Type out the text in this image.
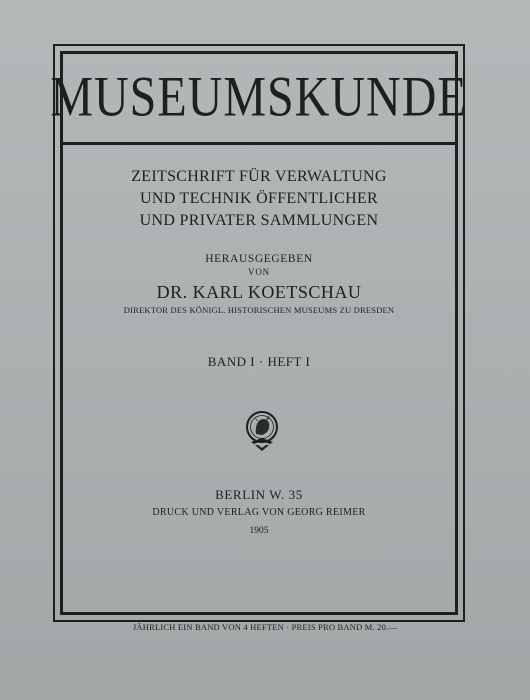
MUSEUMSKUNDE
ZEITSCHRIFT FÜR VERWALTUNG
UND TECHNIK ÖFFENTLICHER
UND PRIVATER SAMMLUNGEN
HERAUSGEGEBEN
VON
DR. KARL KOETSCHAU
DIREKTOR DES KÖNIGL. HISTORISCHEN MUSEUMS ZU DRESDEN
BAND I · HEFT I
BERLIN W. 35
DRUCK UND VERLAG VON GEORG REIMER
1905
JÄHRLICH EIN BAND VON 4 HEFTEN · PREIS PRO BAND M. 20.—
